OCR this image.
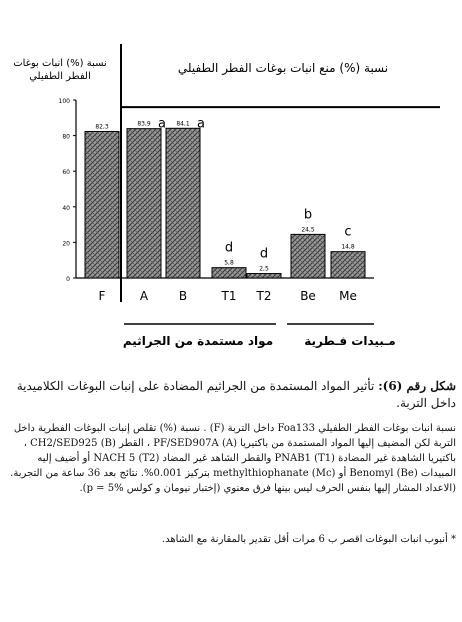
نسبة (%) انبات بوغات
الفطر الطفيلي
نسبة (%) منع انبات بوغات الفطر الطفيلي
مواد مستمدة من الجراثيم	مـبيدات فـطرية
0
20
40
60
80
100
82,3
F
83,9 a
A
84,1 a
B
5,8
d
T1
2,5
d
T2
24,5
b
Be
14,8
c
Me
شكل رقم (6): تأثير المواد المستمدة من الجراثيم المضادة على إنبات البوغات الكلاميدية داخل التربة.
نسبة انبات بوغات الفطر الطفيلي Foa133 داخل التربة (F) . نسبة (%) تقلص إنبات البوغات الفطرية داخل التربة لكن المضيف إليها المواد المستمدة من باكتيريا PF/SED907A (A) ، القطر (B) CH2/SED925 ، باكتيريا الشاهدة غير المضادة PNAB1 (T1) والقطر الشاهد غير المضاد (T2) NACH 5 أو أضيف إليه المبيدات Benomyl (Be) أو methylthiophanate (Mc) بتركيز 0.001%. نتائج بعد 36 ساعة من التجربة. (الاعداد المشار إليها بنفس الحرف ليس بينها فرق معنوي (إختبار نيومان و كولس p = 5%).
* أنبوب انبات البوغات اقصر ب 6 مرات أقل تقدير بالمقارنة مع الشاهد.
